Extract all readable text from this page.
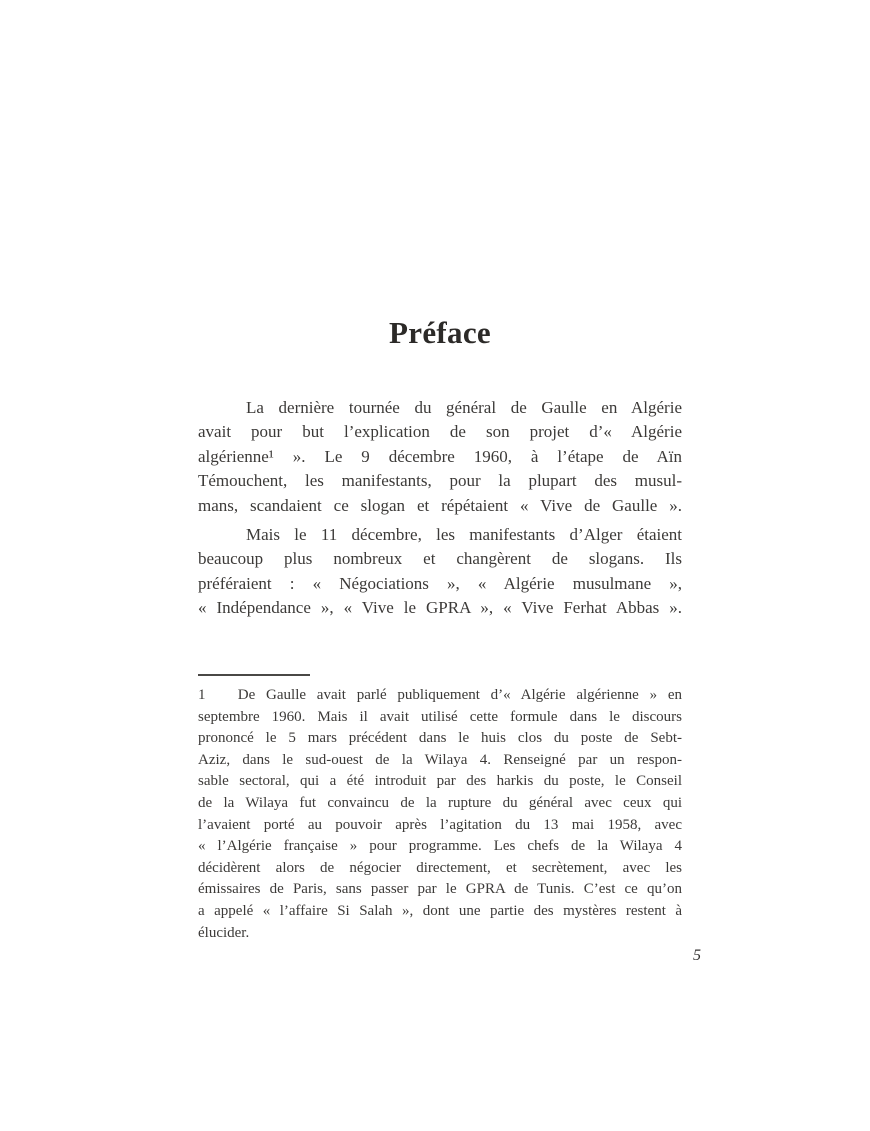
Préface
La dernière tournée du général de Gaulle en Algérie
avait pour but l’explication de son projet d’« Algérie
algérienne¹ ». Le 9 décembre 1960, à l’étape de Aïn
Témouchent, les manifestants, pour la plupart des musul-
mans, scandaient ce slogan et répétaient « Vive de Gaulle ».
Mais le 11 décembre, les manifestants d’Alger étaient
beaucoup plus nombreux et changèrent de slogans. Ils
préféraient : « Négociations », « Algérie musulmane »,
« Indépendance », « Vive le GPRA », « Vive Ferhat Abbas ».
1   De Gaulle avait parlé publiquement d’« Algérie algérienne » en
septembre 1960. Mais il avait utilisé cette formule dans le discours
prononcé le 5 mars précédent dans le huis clos du poste de Sebt-
Aziz, dans le sud-ouest de la Wilaya 4. Renseigné par un respon-
sable sectoral, qui a été introduit par des harkis du poste, le Conseil
de la Wilaya fut convaincu de la rupture du général avec ceux qui
l’avaient porté au pouvoir après l’agitation du 13 mai 1958, avec
« l’Algérie française » pour programme. Les chefs de la Wilaya 4
décidèrent alors de négocier directement, et secrètement, avec les
émissaires de Paris, sans passer par le GPRA de Tunis. C’est ce qu’on
a appelé « l’affaire Si Salah », dont une partie des mystères restent à
élucider.
5
